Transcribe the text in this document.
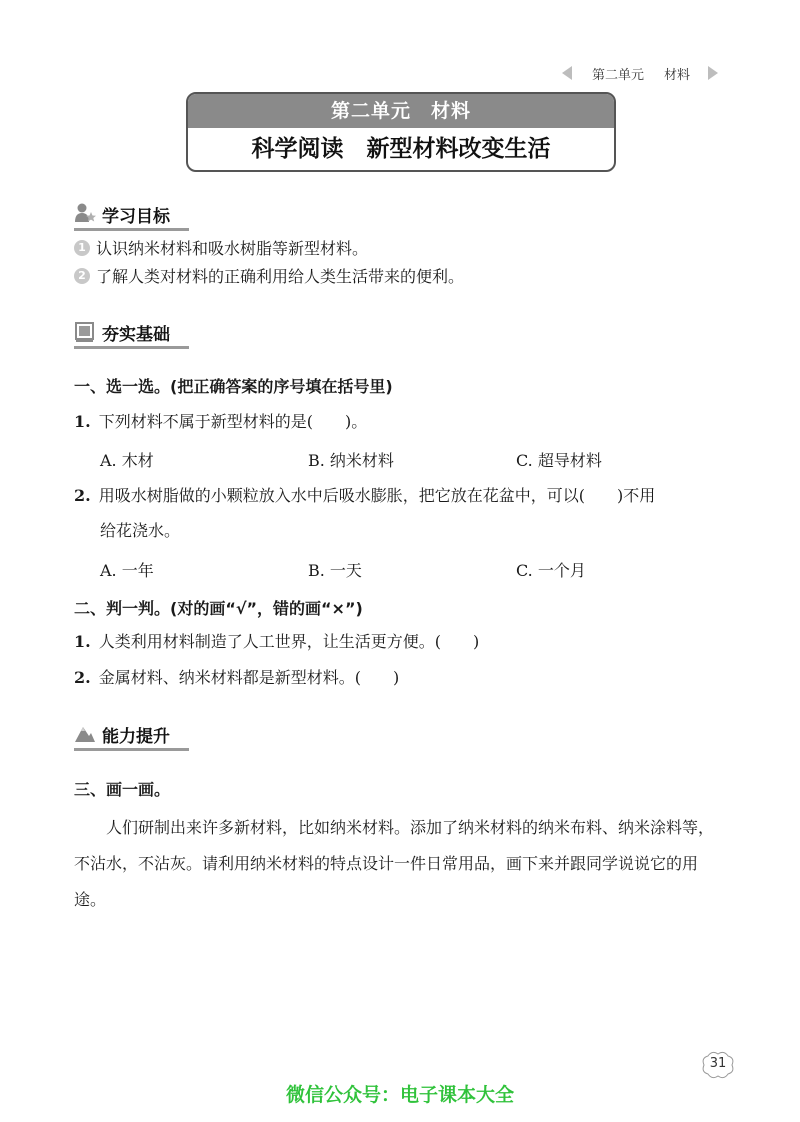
第二单元 材料
第二单元　材料
科学阅读　新型材料改变生活
学习目标
1 认识纳米材料和吸水树脂等新型材料。
2 了解人类对材料的正确利用给人类生活带来的便利。
夯实基础
一、选一选。(把正确答案的序号填在括号里)
1. 下列材料不属于新型材料的是(　　)。
A. 木材	B. 纳米材料	C. 超导材料
2. 用吸水树脂做的小颗粒放入水中后吸水膨胀，把它放在花盆中，可以(　　)不用
给花浇水。
A. 一年	B. 一天	C. 一个月
二、判一判。(对的画“√”，错的画“×”)
1. 人类利用材料制造了人工世界，让生活更方便。(　　)
2. 金属材料、纳米材料都是新型材料。(　　)
能力提升
三、画一画。
人们研制出来许多新材料，比如纳米材料。添加了纳米材料的纳米布料、纳米涂料等，不沾水，不沾灰。请利用纳米材料的特点设计一件日常用品，画下来并跟同学说说它的用途。
31
微信公众号：电子课本大全
